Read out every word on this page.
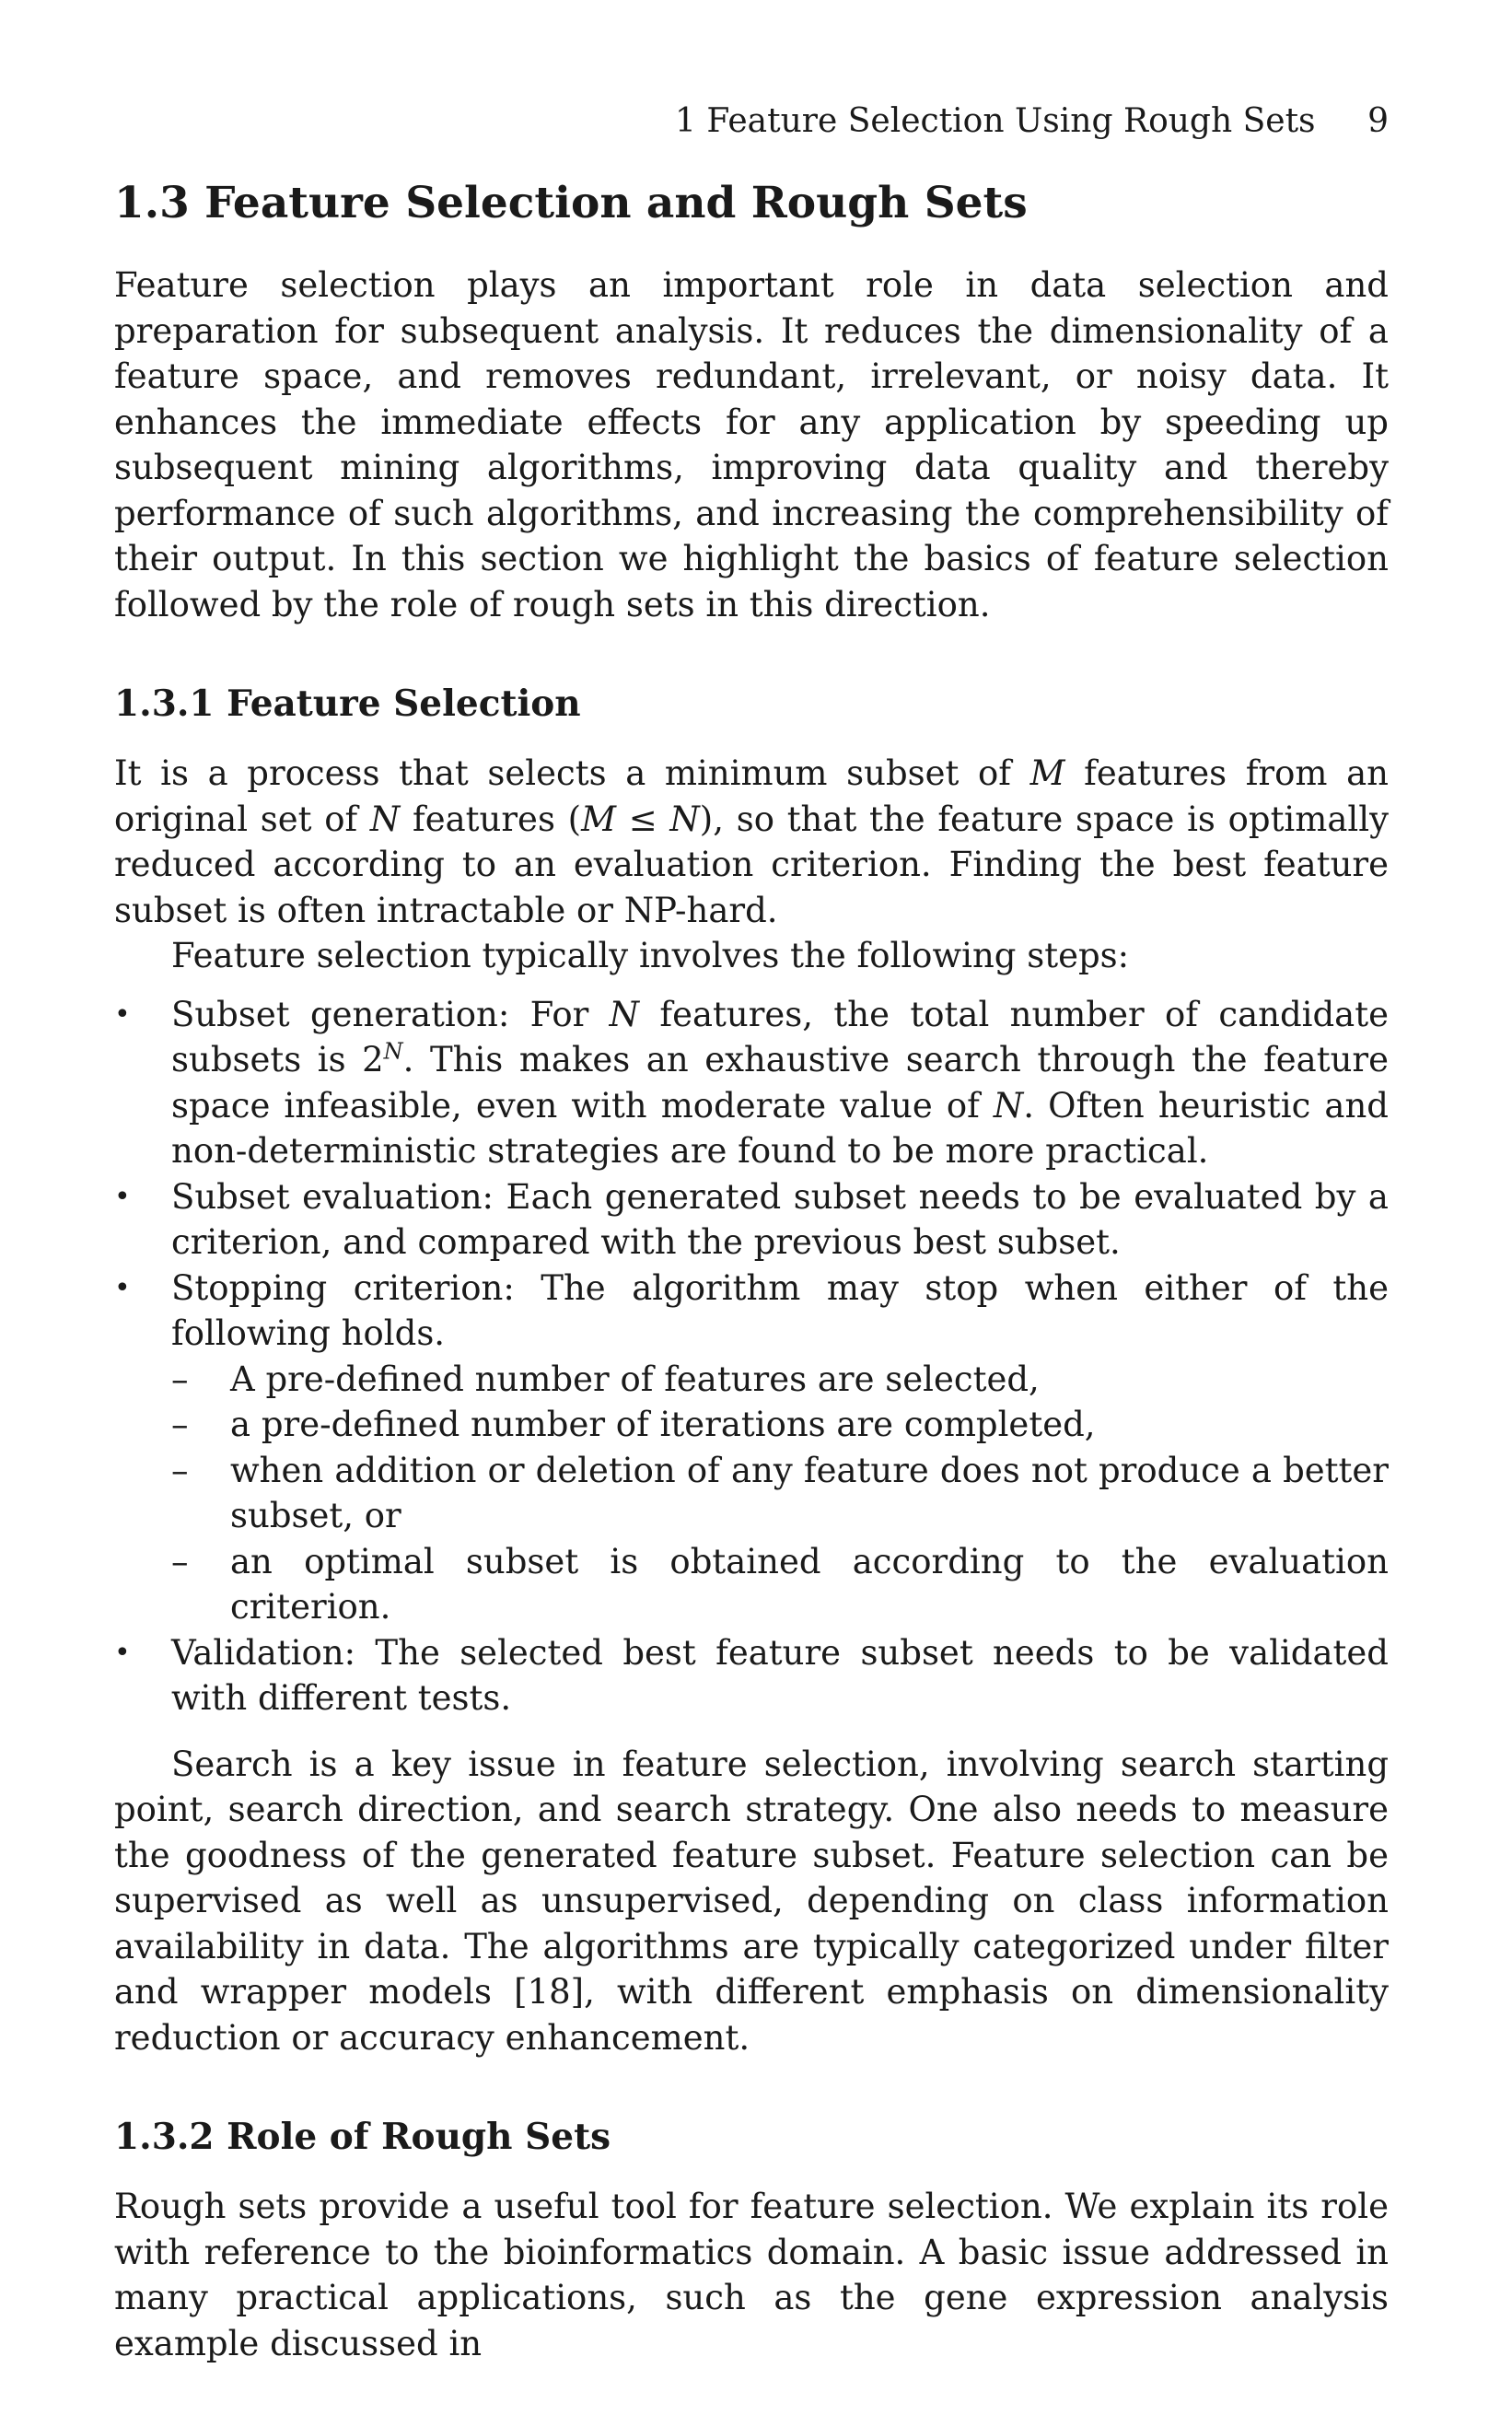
1 Feature Selection Using Rough Sets 9
1.3 Feature Selection and Rough Sets

Feature selection plays an important role in data selection and preparation for subsequent analysis. It reduces the dimensionality of a feature space, and removes redundant, irrelevant, or noisy data. It enhances the immediate effects for any application by speeding up subsequent mining algorithms, improving data quality and thereby performance of such algorithms, and increasing the comprehensibility of their output. In this section we highlight the basics of feature selection followed by the role of rough sets in this direction.

1.3.1 Feature Selection

It is a process that selects a minimum subset of M features from an original set of N features (M ≤ N), so that the feature space is optimally reduced according to an evaluation criterion. Finding the best feature subset is often intractable or NP-hard.

Feature selection typically involves the following steps:

•	Subset generation: For N features, the total number of candidate subsets is $2^N$. This makes an exhaustive search through the feature space infeasible, even with moderate value of N. Often heuristic and non-deterministic strategies are found to be more practical.
•	Subset evaluation: Each generated subset needs to be evaluated by a criterion, and compared with the previous best subset.
•	Stopping criterion: The algorithm may stop when either of the following holds.
–	A pre-defined number of features are selected,
–	a pre-defined number of iterations are completed,
–	when addition or deletion of any feature does not produce a better subset, or
–	an optimal subset is obtained according to the evaluation criterion.
•	Validation: The selected best feature subset needs to be validated with different tests.

Search is a key issue in feature selection, involving search starting point, search direction, and search strategy. One also needs to measure the goodness of the generated feature subset. Feature selection can be supervised as well as unsupervised, depending on class information availability in data. The algorithms are typically categorized under filter and wrapper models [18], with different emphasis on dimensionality reduction or accuracy enhancement.

1.3.2 Role of Rough Sets

Rough sets provide a useful tool for feature selection. We explain its role with reference to the bioinformatics domain. A basic issue addressed in many practical applications, such as the gene expression analysis example discussed in
